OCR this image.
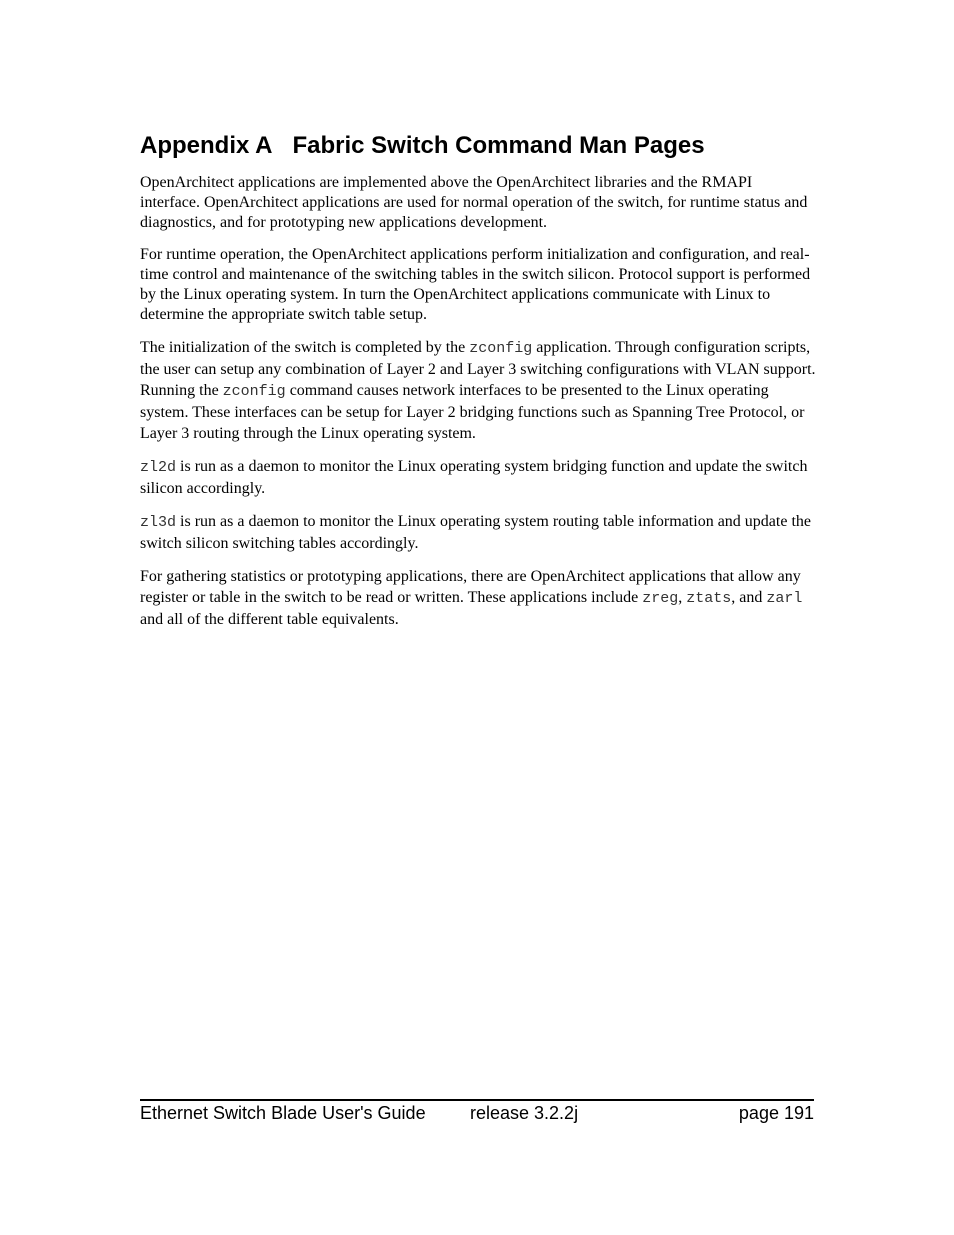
Appendix A Fabric Switch Command Man Pages

OpenArchitect applications are implemented above the OpenArchitect libraries and the RMAPI interface. OpenArchitect applications are used for normal operation of the switch, for runtime status and diagnostics, and for prototyping new applications development.

For runtime operation, the OpenArchitect applications perform initialization and configuration, and real-time control and maintenance of the switching tables in the switch silicon. Protocol support is performed by the Linux operating system. In turn the OpenArchitect applications communicate with Linux to determine the appropriate switch table setup.

The initialization of the switch is completed by the zconfig application. Through configuration scripts, the user can setup any combination of Layer 2 and Layer 3 switching configurations with VLAN support. Running the zconfig command causes network interfaces to be presented to the Linux operating system. These interfaces can be setup for Layer 2 bridging functions such as Spanning Tree Protocol, or Layer 3 routing through the Linux operating system.

zl2d is run as a daemon to monitor the Linux operating system bridging function and update the switch silicon accordingly.

zl3d is run as a daemon to monitor the Linux operating system routing table information and update the switch silicon switching tables accordingly.

For gathering statistics or prototyping applications, there are OpenArchitect applications that allow any register or table in the switch to be read or written. These applications include zreg, ztats, and zarl and all of the different table equivalents.

Ethernet Switch Blade User's Guide release 3.2.2j	page 191
